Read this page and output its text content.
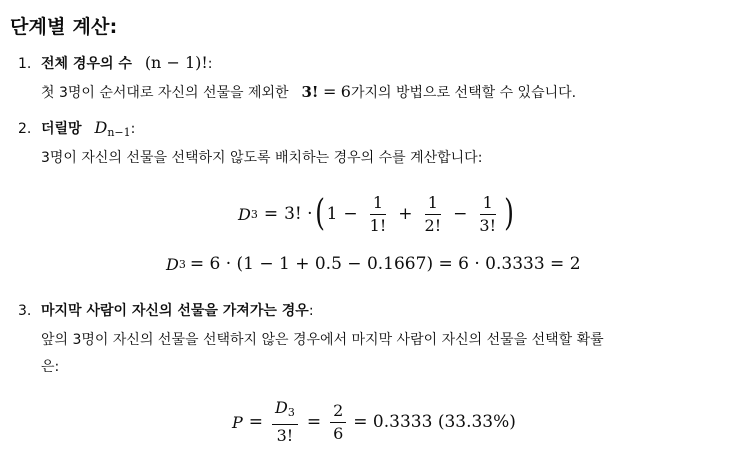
단계별 계산:
1. 전체 경우의 수 (n − 1)!:
첫 3명이 순서대로 자신의 선물을 제외한 3! = 6가지의 방법으로 선택할 수 있습니다.
2. 더릴망 $D_{n-1}$:
3명이 자신의 선물을 선택하지 않도록 배치하는 경우의 수를 계산합니다:
D 3 = 3! · ( $1 - \frac{1}{1!} + \frac{1}{2!} - \frac{1}{3!}$ )
D 3 = 6 · (1 − 1 + 0.5 − 0.1667) = 6 · 0.3333 = 2
3. 마지막 사람이 자신의 선물을 가져가는 경우:
앞의 3명이 자신의 선물을 선택하지 않은 경우에서 마지막 사람이 자신의 선물을 선택할 확률
은:
$P = \frac{D_3}{3!} = \frac{2}{6} = 0.3333$ (33.33%)
